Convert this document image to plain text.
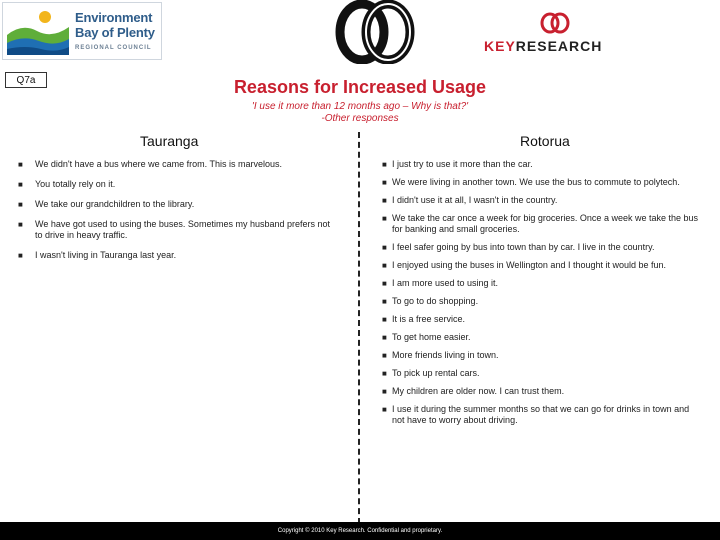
Environment
Bay of Plenty
REGIONAL COUNCIL	KEYRESEARCH
Q7a	Reasons for Increased Usage
'I use it more than 12 months ago – Why is that?'
-Other responses
Tauranga	Rotorua
■ We didn't have a bus where we came from. This is marvelous.
■ You totally rely on it.
■ We take our grandchildren to the library.
■ We have got used to using the buses. Sometimes my husband prefers not to drive in heavy traffic.
■ I wasn't living in Tauranga last year.
■ I just try to use it more than the car.
■ We were living in another town. We use the bus to commute to polytech.
■ I didn't use it at all, I wasn't in the country.
■ We take the car once a week for big groceries. Once a week we take the bus for banking and small groceries.
■ I feel safer going by bus into town than by car. I live in the country.
■ I enjoyed using the buses in Wellington and I thought it would be fun.
■ I am more used to using it.
■ To go to do shopping.
■ It is a free service.
■ To get home easier.
■ More friends living in town.
■ To pick up rental cars.
■ My children are older now. I can trust them.
■ I use it during the summer months so that we can go for drinks in town and not have to worry about driving.
Copyright © 2010 Key Research. Confidential and proprietary.
